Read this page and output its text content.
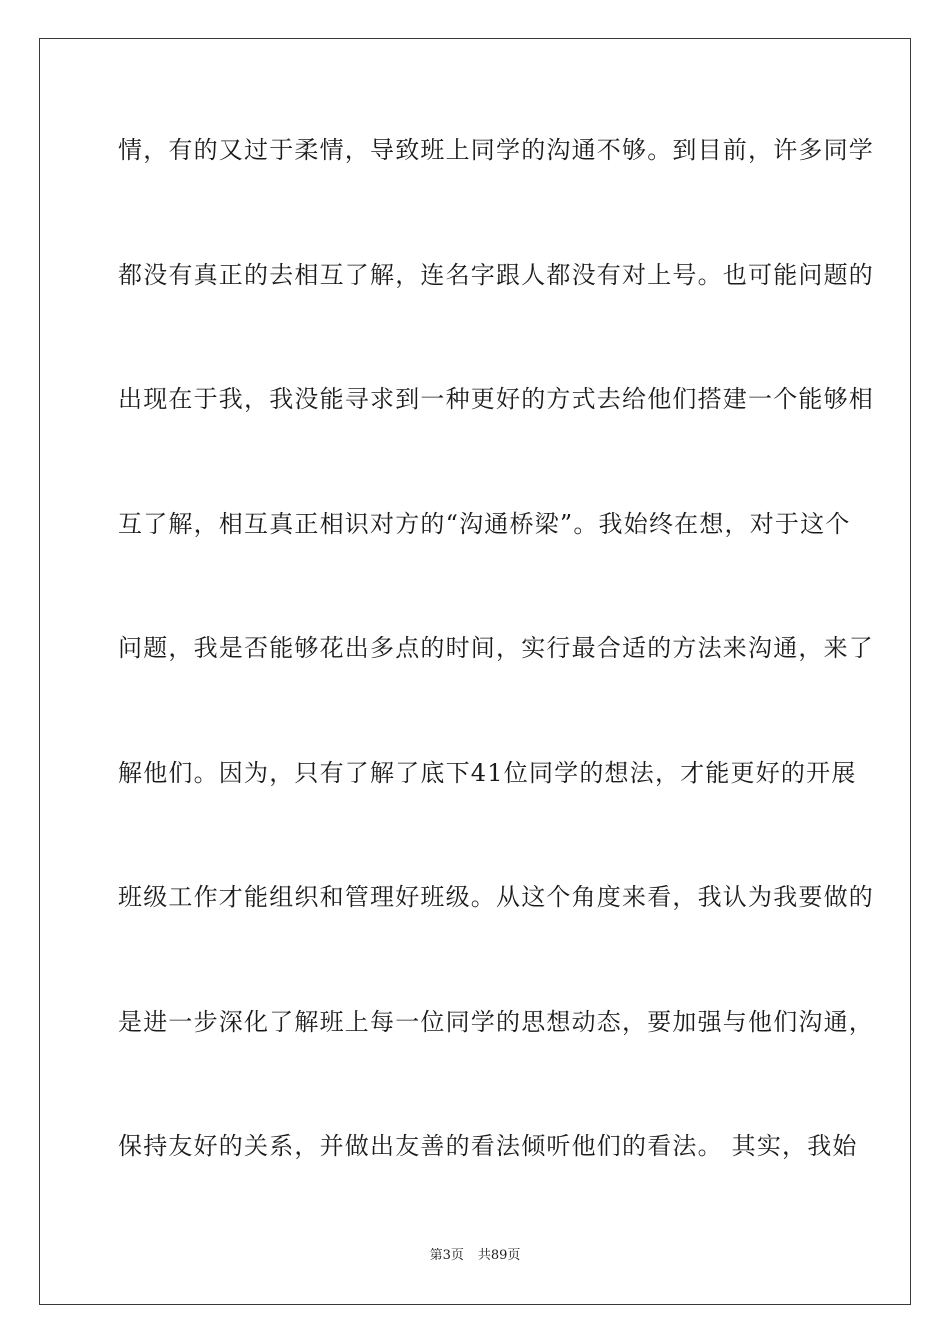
情，有的又过于柔情，导致班上同学的沟通不够。到目前，许多同学
都没有真正的去相互了解，连名字跟人都没有对上号。也可能问题的
出现在于我，我没能寻求到一种更好的方式去给他们搭建一个能够相
互了解，相互真正相识对方的“沟通桥梁”。我始终在想，对于这个
问题，我是否能够花出多点的时间，实行最合适的方法来沟通，来了
解他们。因为，只有了解了底下41位同学的想法，才能更好的开展
班级工作才能组织和管理好班级。从这个角度来看，我认为我要做的
是进一步深化了解班上每一位同学的思想动态，要加强与他们沟通，
保持友好的关系，并做出友善的看法倾听他们的看法。 其实，我始
第3页 共89页
